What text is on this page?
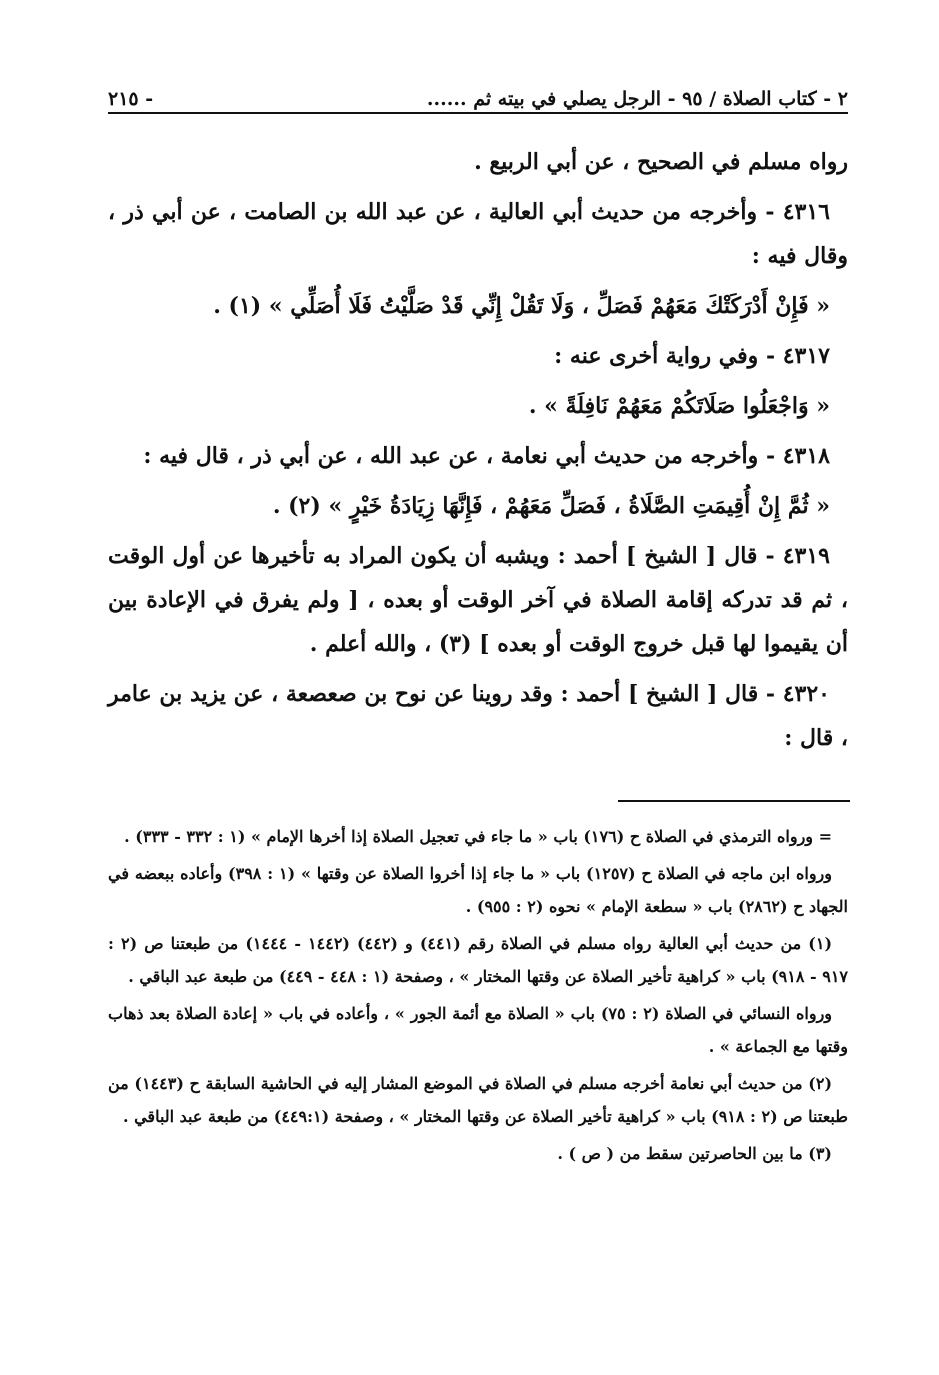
٢ - كتاب الصلاة / ٩٥ - الرجل يصلي في بيته ثم ......
- ٢١٥

رواه مسلم في الصحيح ، عن أبي الربيع .

٤٣١٦ - وأخرجه من حديث أبي العالية ، عن عبد الله بن الصامت ، عن أبي ذر ، وقال فيه :

« فَإِنْ أَدْرَكَتْكَ مَعَهُمْ فَصَلِّ ، وَلَا تَقُلْ إِنِّي قَدْ صَلَّيْتُ فَلَا أُصَلِّي » (١) .

٤٣١٧ - وفي رواية أخرى عنه :

« وَاجْعَلُوا صَلَاتَكُمْ مَعَهُمْ نَافِلَةً » .

٤٣١٨ - وأخرجه من حديث أبي نعامة ، عن عبد الله ، عن أبي ذر ، قال فيه :

« ثُمَّ إِنْ أُقِيمَتِ الصَّلَاةُ ، فَصَلِّ مَعَهُمْ ، فَإِنَّهَا زِيَادَةُ خَيْرٍ » (٢) .

٤٣١٩ - قال [ الشيخ ] أحمد : ويشبه أن يكون المراد به تأخيرها عن أول الوقت ، ثم قد تدركه إقامة الصلاة في آخر الوقت أو بعده ، [ ولم يفرق في الإعادة بين أن يقيموا لها قبل خروج الوقت أو بعده ] (٣) ، والله أعلم .

٤٣٢٠ - قال [ الشيخ ] أحمد : وقد روينا عن نوح بن صعصعة ، عن يزيد بن عامر ، قال :

= ورواه الترمذي في الصلاة ح (١٧٦) باب « ما جاء في تعجيل الصلاة إذا أخرها الإمام » (١ : ٣٣٢ - ٣٣٣) .

ورواه ابن ماجه في الصلاة ح (١٢٥٧) باب « ما جاء إذا أخروا الصلاة عن وقتها » (١ : ٣٩٨) وأعاده ببعضه في الجهاد ح (٢٨٦٢) باب « سطعة الإمام » نحوه (٢ : ٩٥٥) .

(١) من حديث أبي العالية رواه مسلم في الصلاة رقم (٤٤١) و (٤٤٢) (١٤٤٢ - ١٤٤٤) من طبعتنا ص (٢ : ٩١٧ - ٩١٨) باب « كراهية تأخير الصلاة عن وقتها المختار » ، وصفحة (١ : ٤٤٨ - ٤٤٩) من طبعة عبد الباقي .

ورواه النسائي في الصلاة (٢ : ٧٥) باب « الصلاة مع أئمة الجور » ، وأعاده في باب « إعادة الصلاة بعد ذهاب وقتها مع الجماعة » .

(٢) من حديث أبي نعامة أخرجه مسلم في الصلاة في الموضع المشار إليه في الحاشية السابقة ح (١٤٤٣) من طبعتنا ص (٢ : ٩١٨) باب « كراهية تأخير الصلاة عن وقتها المختار » ، وصفحة (٤٤٩:١) من طبعة عبد الباقي .

(٣) ما بين الحاصرتين سقط من ( ص ) .
